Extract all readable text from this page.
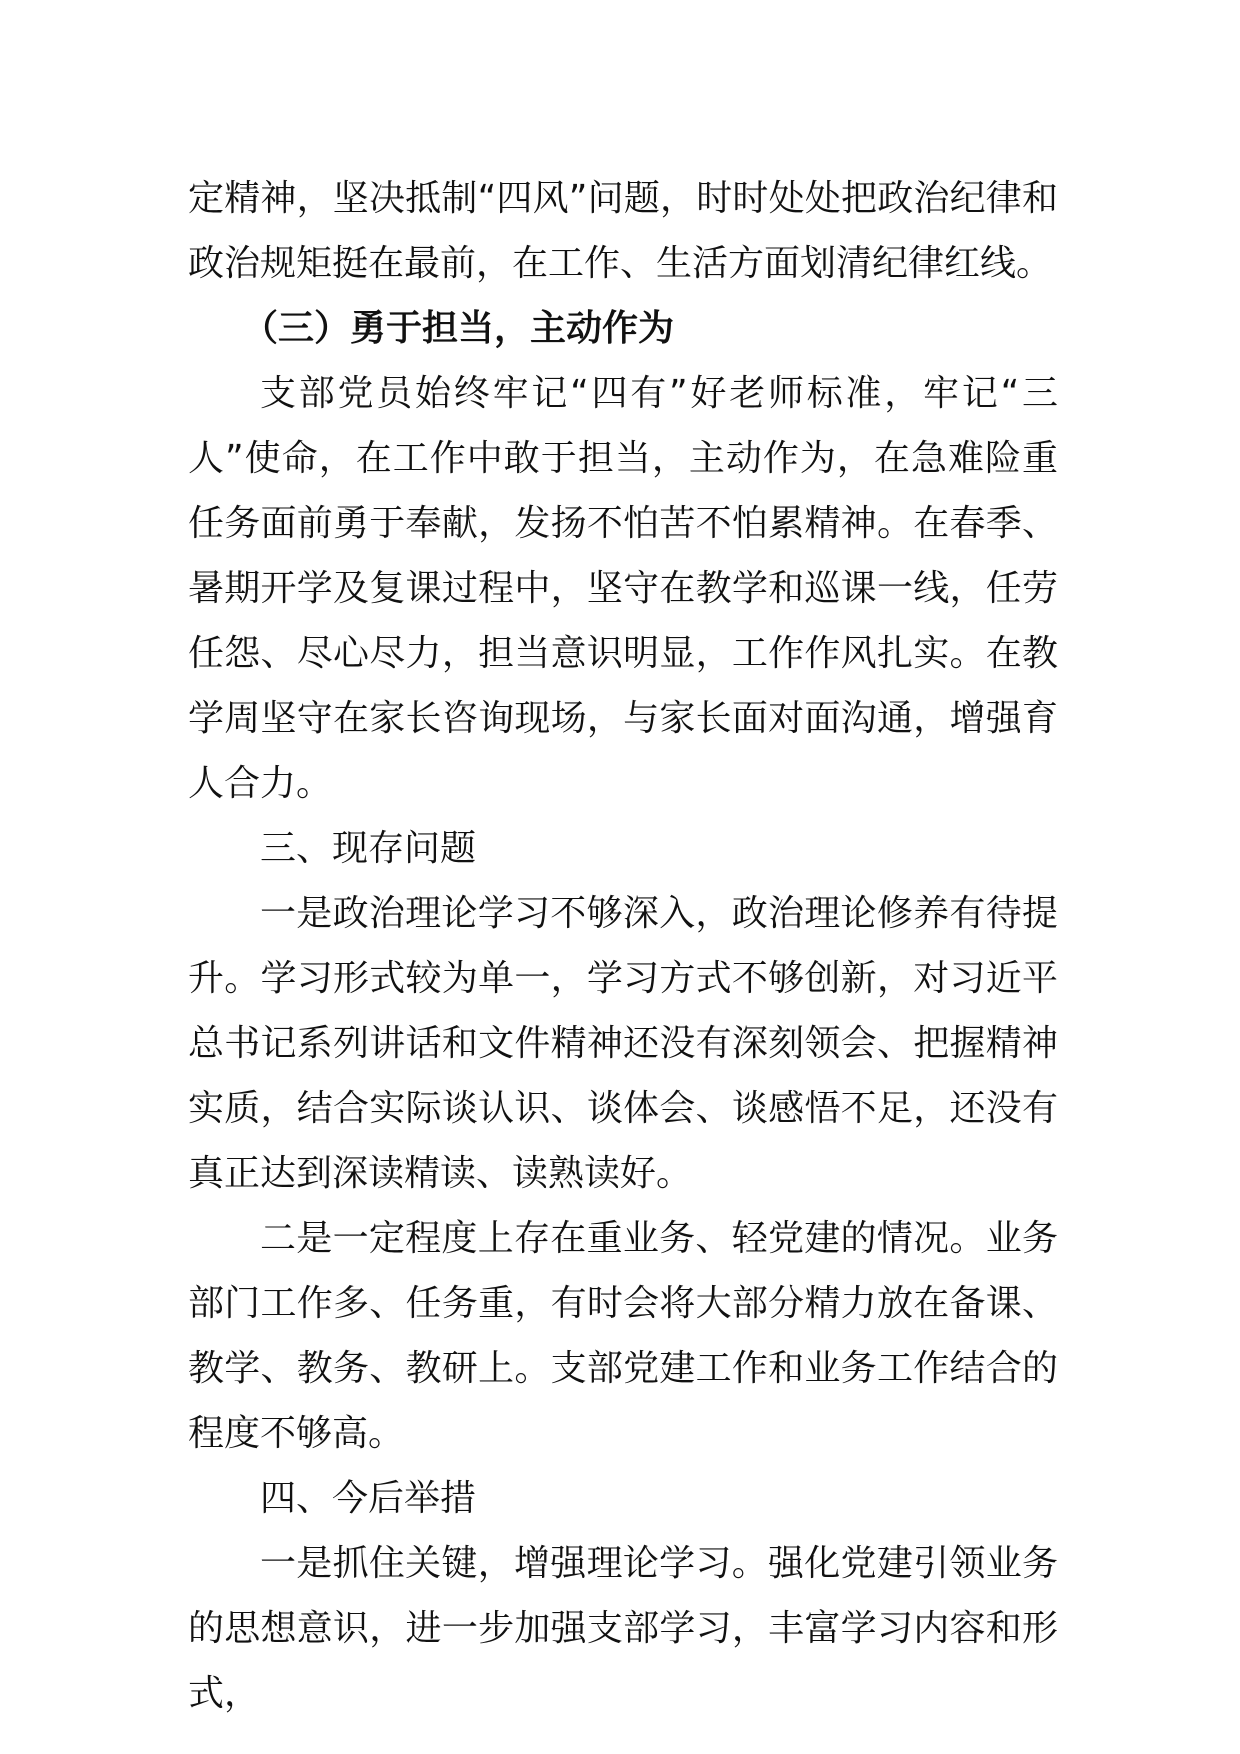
定精神，坚决抵制“四风”问题，时时处处把政治纪律和政治规矩挺在最前，在工作、生活方面划清纪律红线。

（三）勇于担当，主动作为

支部党员始终牢记“四有”好老师标准，牢记“三人”使命，在工作中敢于担当，主动作为，在急难险重任务面前勇于奉献，发扬不怕苦不怕累精神。在春季、暑期开学及复课过程中，坚守在教学和巡课一线，任劳任怨、尽心尽力，担当意识明显，工作作风扎实。在教学周坚守在家长咨询现场，与家长面对面沟通，增强育人合力。

三、现存问题

一是政治理论学习不够深入，政治理论修养有待提升。学习形式较为单一，学习方式不够创新，对习近平总书记系列讲话和文件精神还没有深刻领会、把握精神实质，结合实际谈认识、谈体会、谈感悟不足，还没有真正达到深读精读、读熟读好。

二是一定程度上存在重业务、轻党建的情况。业务部门工作多、任务重，有时会将大部分精力放在备课、教学、教务、教研上。支部党建工作和业务工作结合的程度不够高。

四、今后举措

一是抓住关键，增强理论学习。强化党建引领业务的思想意识，进一步加强支部学习，丰富学习内容和形式，
